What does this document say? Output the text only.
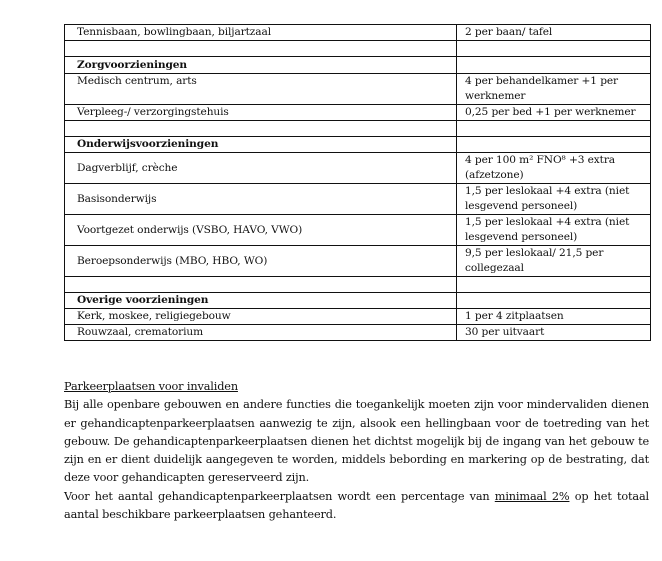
Tennisbaan, bowlingbaan, biljartzaal	2 per baan/ tafel

Zorgvoorzieningen	
Medisch centrum, arts	4 per behandelkamer +1 per werknemer
Verpleeg-/ verzorgingstehuis	0,25 per bed +1 per werknemer

Onderwijsvoorzieningen	
Dagverblijf, crèche	4 per 100 m² FNO⁸ +3 extra (afzetzone)
Basisonderwijs	1,5 per leslokaal +4 extra (niet lesgevend personeel)
Voortgezet onderwijs (VSBO, HAVO, VWO)	1,5 per leslokaal +4 extra (niet lesgevend personeel)
Beroepsonderwijs (MBO, HBO, WO)	9,5 per leslokaal/ 21,5 per collegezaal

Overige voorzieningen	
Kerk, moskee, religiegebouw	1 per 4 zitplaatsen
Rouwzaal, crematorium	30 per uitvaart
Parkeerplaatsen voor invaliden
Bij alle openbare gebouwen en andere functies die toegankelijk moeten zijn voor mindervaliden dienen er gehandicaptenparkeerplaatsen aanwezig te zijn, alsook een hellingbaan voor de toetreding van het gebouw. De gehandicaptenparkeerplaatsen dienen het dichtst mogelijk bij de ingang van het gebouw te zijn en er dient duidelijk aangegeven te worden, middels bebording en markering op de bestrating, dat deze voor gehandicapten gereserveerd zijn.
Voor het aantal gehandicaptenparkeerplaatsen wordt een percentage van minimaal 2% op het totaal aantal beschikbare parkeerplaatsen gehanteerd.
